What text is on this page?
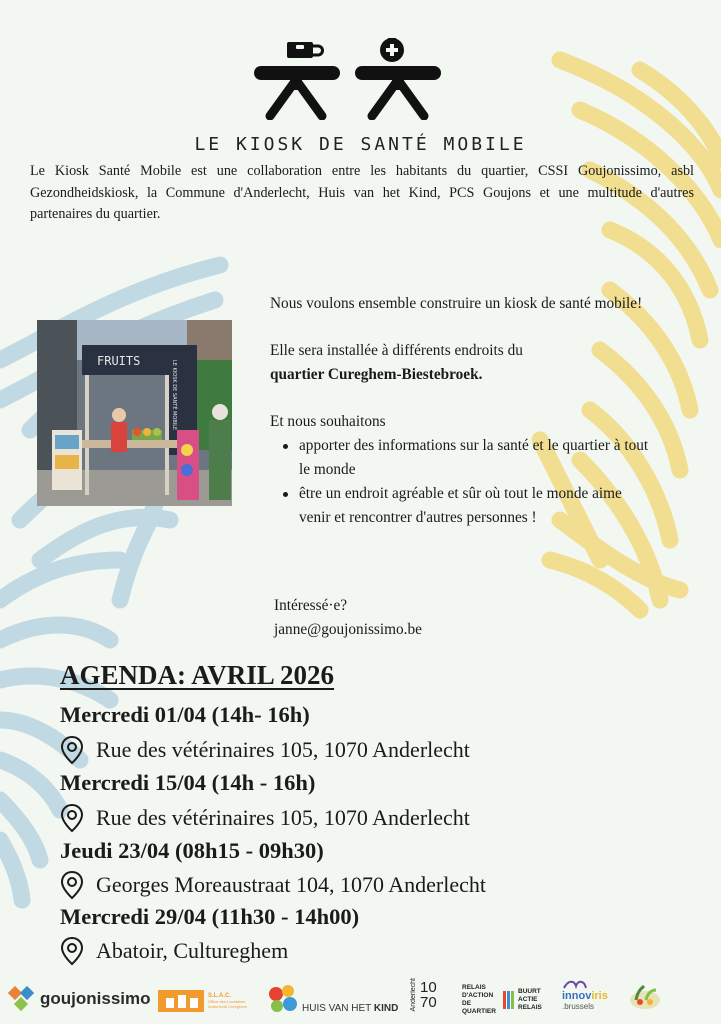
LE KIOSK DE SANTÉ MOBILE

Le Kiosk Santé Mobile est une collaboration entre les habitants du quartier, CSSI Goujonissimo, asbl Gezondheidskiosk, la Commune d'Anderlecht, Huis van het Kind, PCS Goujons et une multitude d'autres partenaires du quartier.

FRUITS	LE KIOSK DE SANTÉ MOBILE

Nous voulons ensemble construire un kiosk de santé mobile!

Elle sera installée à différents endroits du
quartier Cureghem-Biestebroek.

Et nous souhaitons

apporter des informations sur la santé et le quartier à tout le monde
être un endroit agréable et sûr où tout le monde aime venir et rencontrer d'autres personnes !
Intéressé·e?
janne@goujonissimo.be
AGENDA: AVRIL 2026
Mercredi 01/04 (14h- 16h)
Rue des vétérinaires 105, 1070 Anderlecht
Mercredi 15/04 (14h - 16h)
Rue des vétérinaires 105, 1070 Anderlecht
Jeudi 23/04 (08h15 - 09h30)
Georges Moreaustraat 104, 1070 Anderlecht
Mercredi 29/04 (11h30 - 14h00)
Abatoir, Cultureghem
goujonissimo	S.L.A.C.
Office des Locataires Anderlecht Cureghem	HUIS VAN HET KIND Anderlecht 10
70
RELAIS D'ACTION DE QUARTIER
BUURT ACTIE RELAIS
innoviris
.brussels
